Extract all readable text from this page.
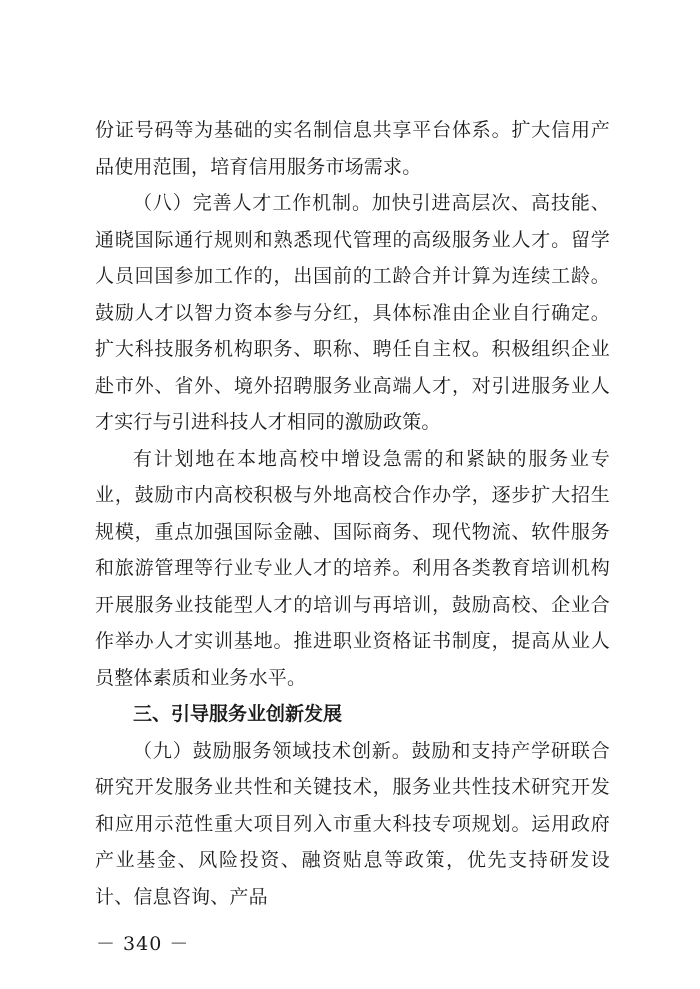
份证号码等为基础的实名制信息共享平台体系。扩大信用产品使用范围，培育信用服务市场需求。

（八）完善人才工作机制。加快引进高层次、高技能、通晓国际通行规则和熟悉现代管理的高级服务业人才。留学人员回国参加工作的，出国前的工龄合并计算为连续工龄。鼓励人才以智力资本参与分红，具体标准由企业自行确定。扩大科技服务机构职务、职称、聘任自主权。积极组织企业赴市外、省外、境外招聘服务业高端人才，对引进服务业人才实行与引进科技人才相同的激励政策。

有计划地在本地高校中增设急需的和紧缺的服务业专业，鼓励市内高校积极与外地高校合作办学，逐步扩大招生规模，重点加强国际金融、国际商务、现代物流、软件服务和旅游管理等行业专业人才的培养。利用各类教育培训机构开展服务业技能型人才的培训与再培训，鼓励高校、企业合作举办人才实训基地。推进职业资格证书制度，提高从业人员整体素质和业务水平。

三、引导服务业创新发展

（九）鼓励服务领域技术创新。鼓励和支持产学研联合研究开发服务业共性和关键技术，服务业共性技术研究开发和应用示范性重大项目列入市重大科技专项规划。运用政府产业基金、风险投资、融资贴息等政策，优先支持研发设计、信息咨询、产品

－ 340 －
